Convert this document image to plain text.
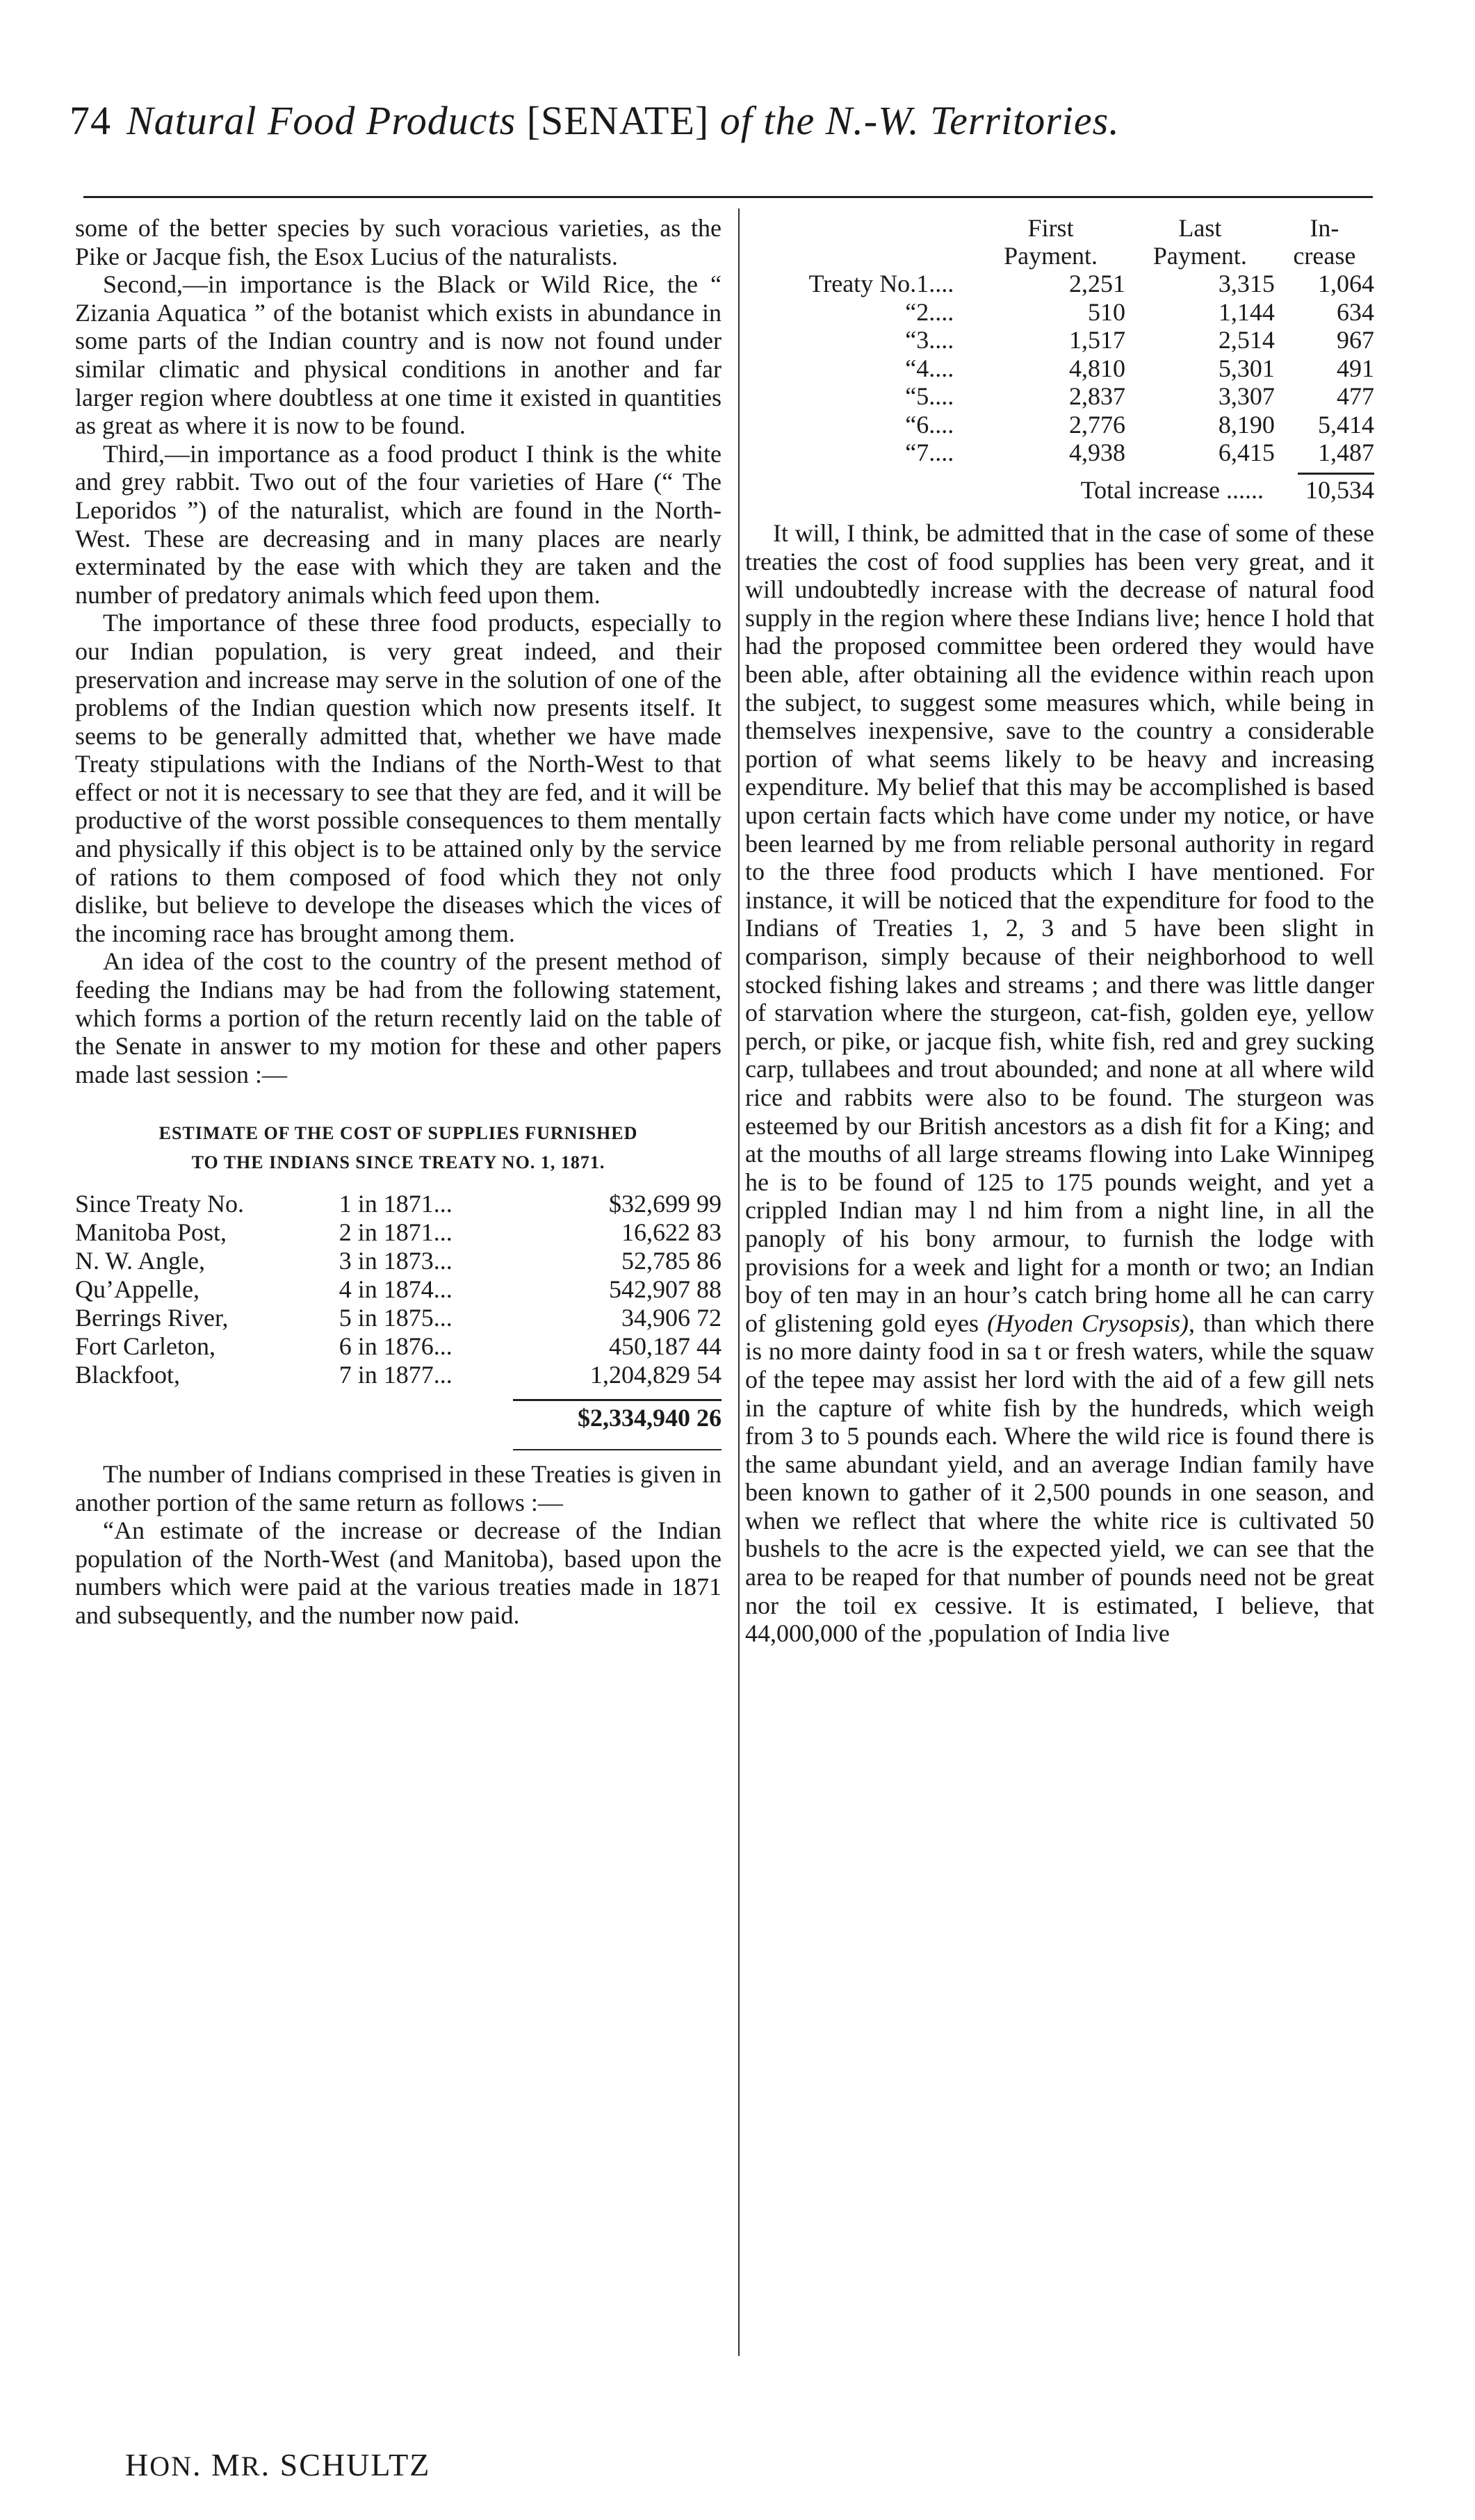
74 Natural Food Products [SENATE] of the N.-W. Territories.

some of the better species by such voracious varieties, as the Pike or Jacque fish, the Esox Lucius of the naturalists.

Second,—in importance is the Black or Wild Rice, the “ Zizania Aquatica ” of the botanist which exists in abundance in some parts of the Indian country and is now not found under similar climatic and physical conditions in another and far larger region where doubtless at one time it existed in quantities as great as where it is now to be found.

Third,—in importance as a food product I think is the white and grey rabbit. Two out of the four varieties of Hare (“ The Leporidos ”) of the naturalist, which are found in the North-West. These are decreasing and in many places are nearly exterminated by the ease with which they are taken and the number of predatory animals which feed upon them.

The importance of these three food products, especially to our Indian population, is very great indeed, and their preservation and increase may serve in the solution of one of the problems of the Indian question which now presents itself. It seems to be generally admitted that, whether we have made Treaty stipulations with the Indians of the North-West to that effect or not it is necessary to see that they are fed, and it will be productive of the worst possible consequences to them mentally and physically if this object is to be attained only by the service of rations to them composed of food which they not only dislike, but believe to develope the diseases which the vices of the incoming race has brought among them.

An idea of the cost to the country of the present method of feeding the Indians may be had from the following statement, which forms a portion of the return recently laid on the table of the Senate in answer to my motion for these and other papers made last session :—

ESTIMATE OF THE COST OF SUPPLIES FURNISHED
TO THE INDIANS SINCE TREATY NO. 1, 1871.
Since Treaty No.	1 in 1871...	$32,699 99
Manitoba Post,	2 in 1871...	16,622 83
N. W. Angle,	3 in 1873...	52,785 86
Qu’Appelle,	4 in 1874...	542,907 88
Berrings River,	5 in 1875...	34,906 72
Fort Carleton,	6 in 1876...	450,187 44
Blackfoot,	7 in 1877...	1,204,829 54
$2,334,940 26

The number of Indians comprised in these Treaties is given in another portion of the same return as follows :—

“An estimate of the increase or decrease of the Indian population of the North-West (and Manitoba), based upon the numbers which were paid at the various treaties made in 1871 and subsequently, and the number now paid.

		First	Last	In-
		Payment.	Payment.	crease
Treaty No.	1....	2,251	3,315	1,064
“	2....	510	1,144	634
“	3....	1,517	2,514	967
“	4....	4,810	5,301	491
“	5....	2,837	3,307	477
“	6....	2,776	8,190	5,414
“	7....	4,938	6,415	1,487
Total increase ...... 10,534

It will, I think, be admitted that in the case of some of these treaties the cost of food supplies has been very great, and it will undoubtedly increase with the decrease of natural food supply in the region where these Indians live; hence I hold that had the proposed committee been ordered they would have been able, after obtaining all the evidence within reach upon the subject, to suggest some measures which, while being in themselves inexpensive, save to the country a considerable portion of what seems likely to be heavy and increasing expenditure. My belief that this may be accomplished is based upon certain facts which have come under my notice, or have been learned by me from reliable personal authority in regard to the three food products which I have mentioned. For instance, it will be noticed that the expenditure for food to the Indians of Treaties 1, 2, 3 and 5 have been slight in comparison, simply because of their neighborhood to well stocked fishing lakes and streams ; and there was little danger of starvation where the sturgeon, cat-fish, golden eye, yellow perch, or pike, or jacque fish, white fish, red and grey sucking carp, tullabees and trout abounded; and none at all where wild rice and rabbits were also to be found. The sturgeon was esteemed by our British ancestors as a dish fit for a King; and at the mouths of all large streams flowing into Lake Winnipeg he is to be found of 125 to 175 pounds weight, and yet a crippled Indian may l nd him from a night line, in all the panoply of his bony armour, to furnish the lodge with provisions for a week and light for a month or two; an Indian boy of ten may in an hour’s catch bring home all he can carry of glistening gold eyes (Hyoden Crysopsis), than which there is no more dainty food in sa t or fresh waters, while the squaw of the tepee may assist her lord with the aid of a few gill nets in the capture of white fish by the hundreds, which weigh from 3 to 5 pounds each. Where the wild rice is found there is the same abundant yield, and an average Indian family have been known to gather of it 2,500 pounds in one season, and when we reflect that where the white rice is cultivated 50 bushels to the acre is the expected yield, we can see that the area to be reaped for that number of pounds need not be great nor the toil ex cessive. It is estimated, I believe, that 44,000,000 of the ,population of India live

HON. MR. SCHULTZ
